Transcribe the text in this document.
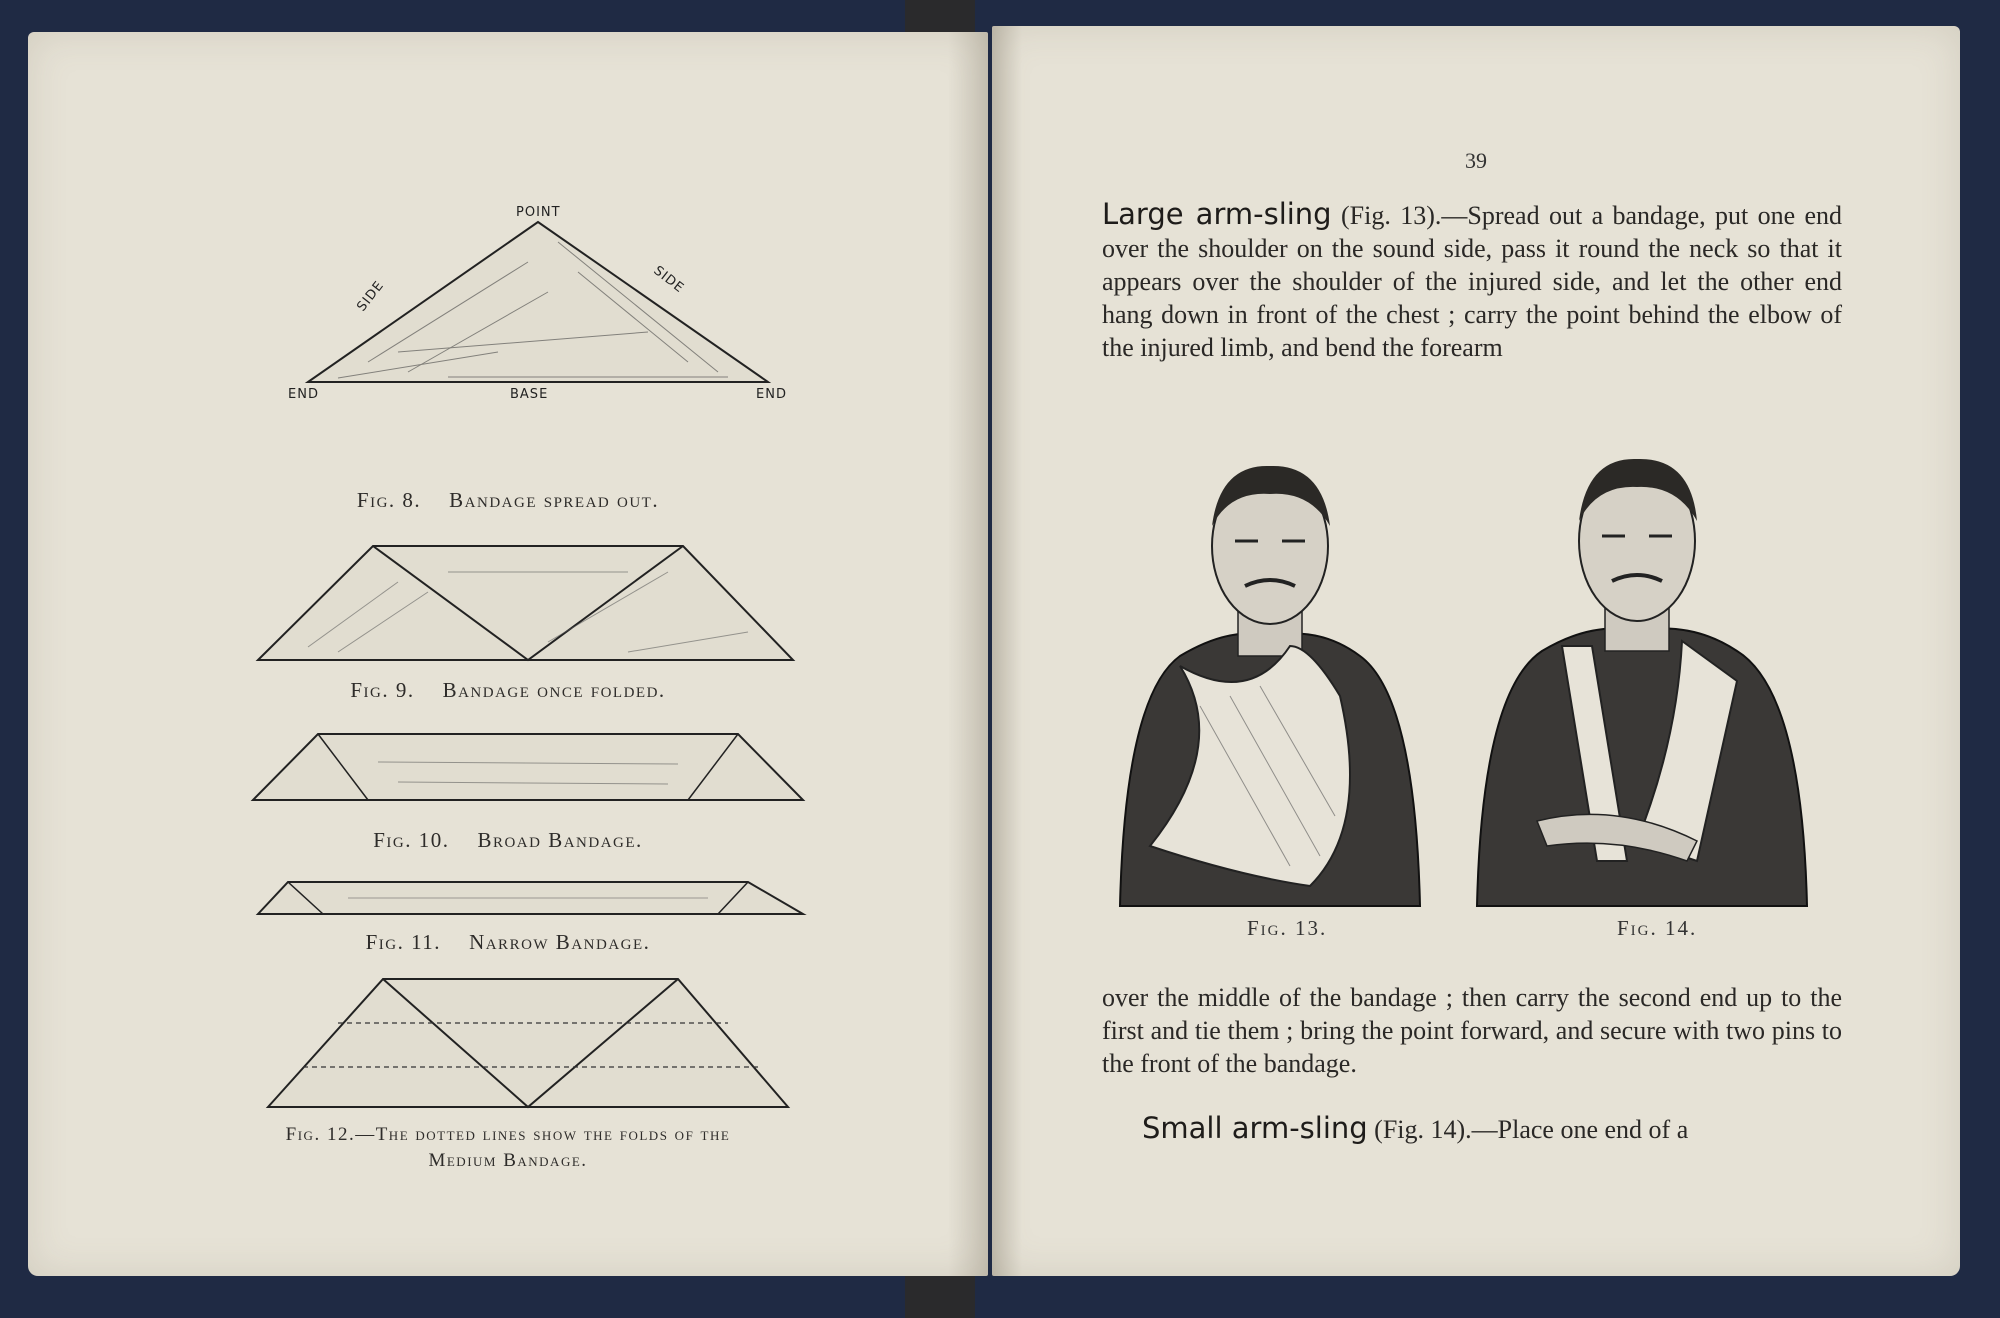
POINT
SIDE	SIDE
BASE
END	END
Fig. 8. Bandage spread out.
Fig. 9. Bandage once folded.
Fig. 10. Broad Bandage.
Fig. 11. Narrow Bandage.
Fig. 12.—The dotted lines show the folds of the
Medium Bandage.
39
Large arm-sling (Fig. 13).—Spread out a bandage, put one end over the shoulder on the sound side, pass it round the neck so that it appears over the shoulder of the injured side, and let the other end hang down in front of the chest ; carry the point behind the elbow of the injured limb, and bend the forearm
Fig. 13.	Fig. 14.
over the middle of the bandage ; then carry the second end up to the first and tie them ; bring the point forward, and secure with two pins to the front of the bandage.
Small arm-sling (Fig. 14).—Place one end of a
